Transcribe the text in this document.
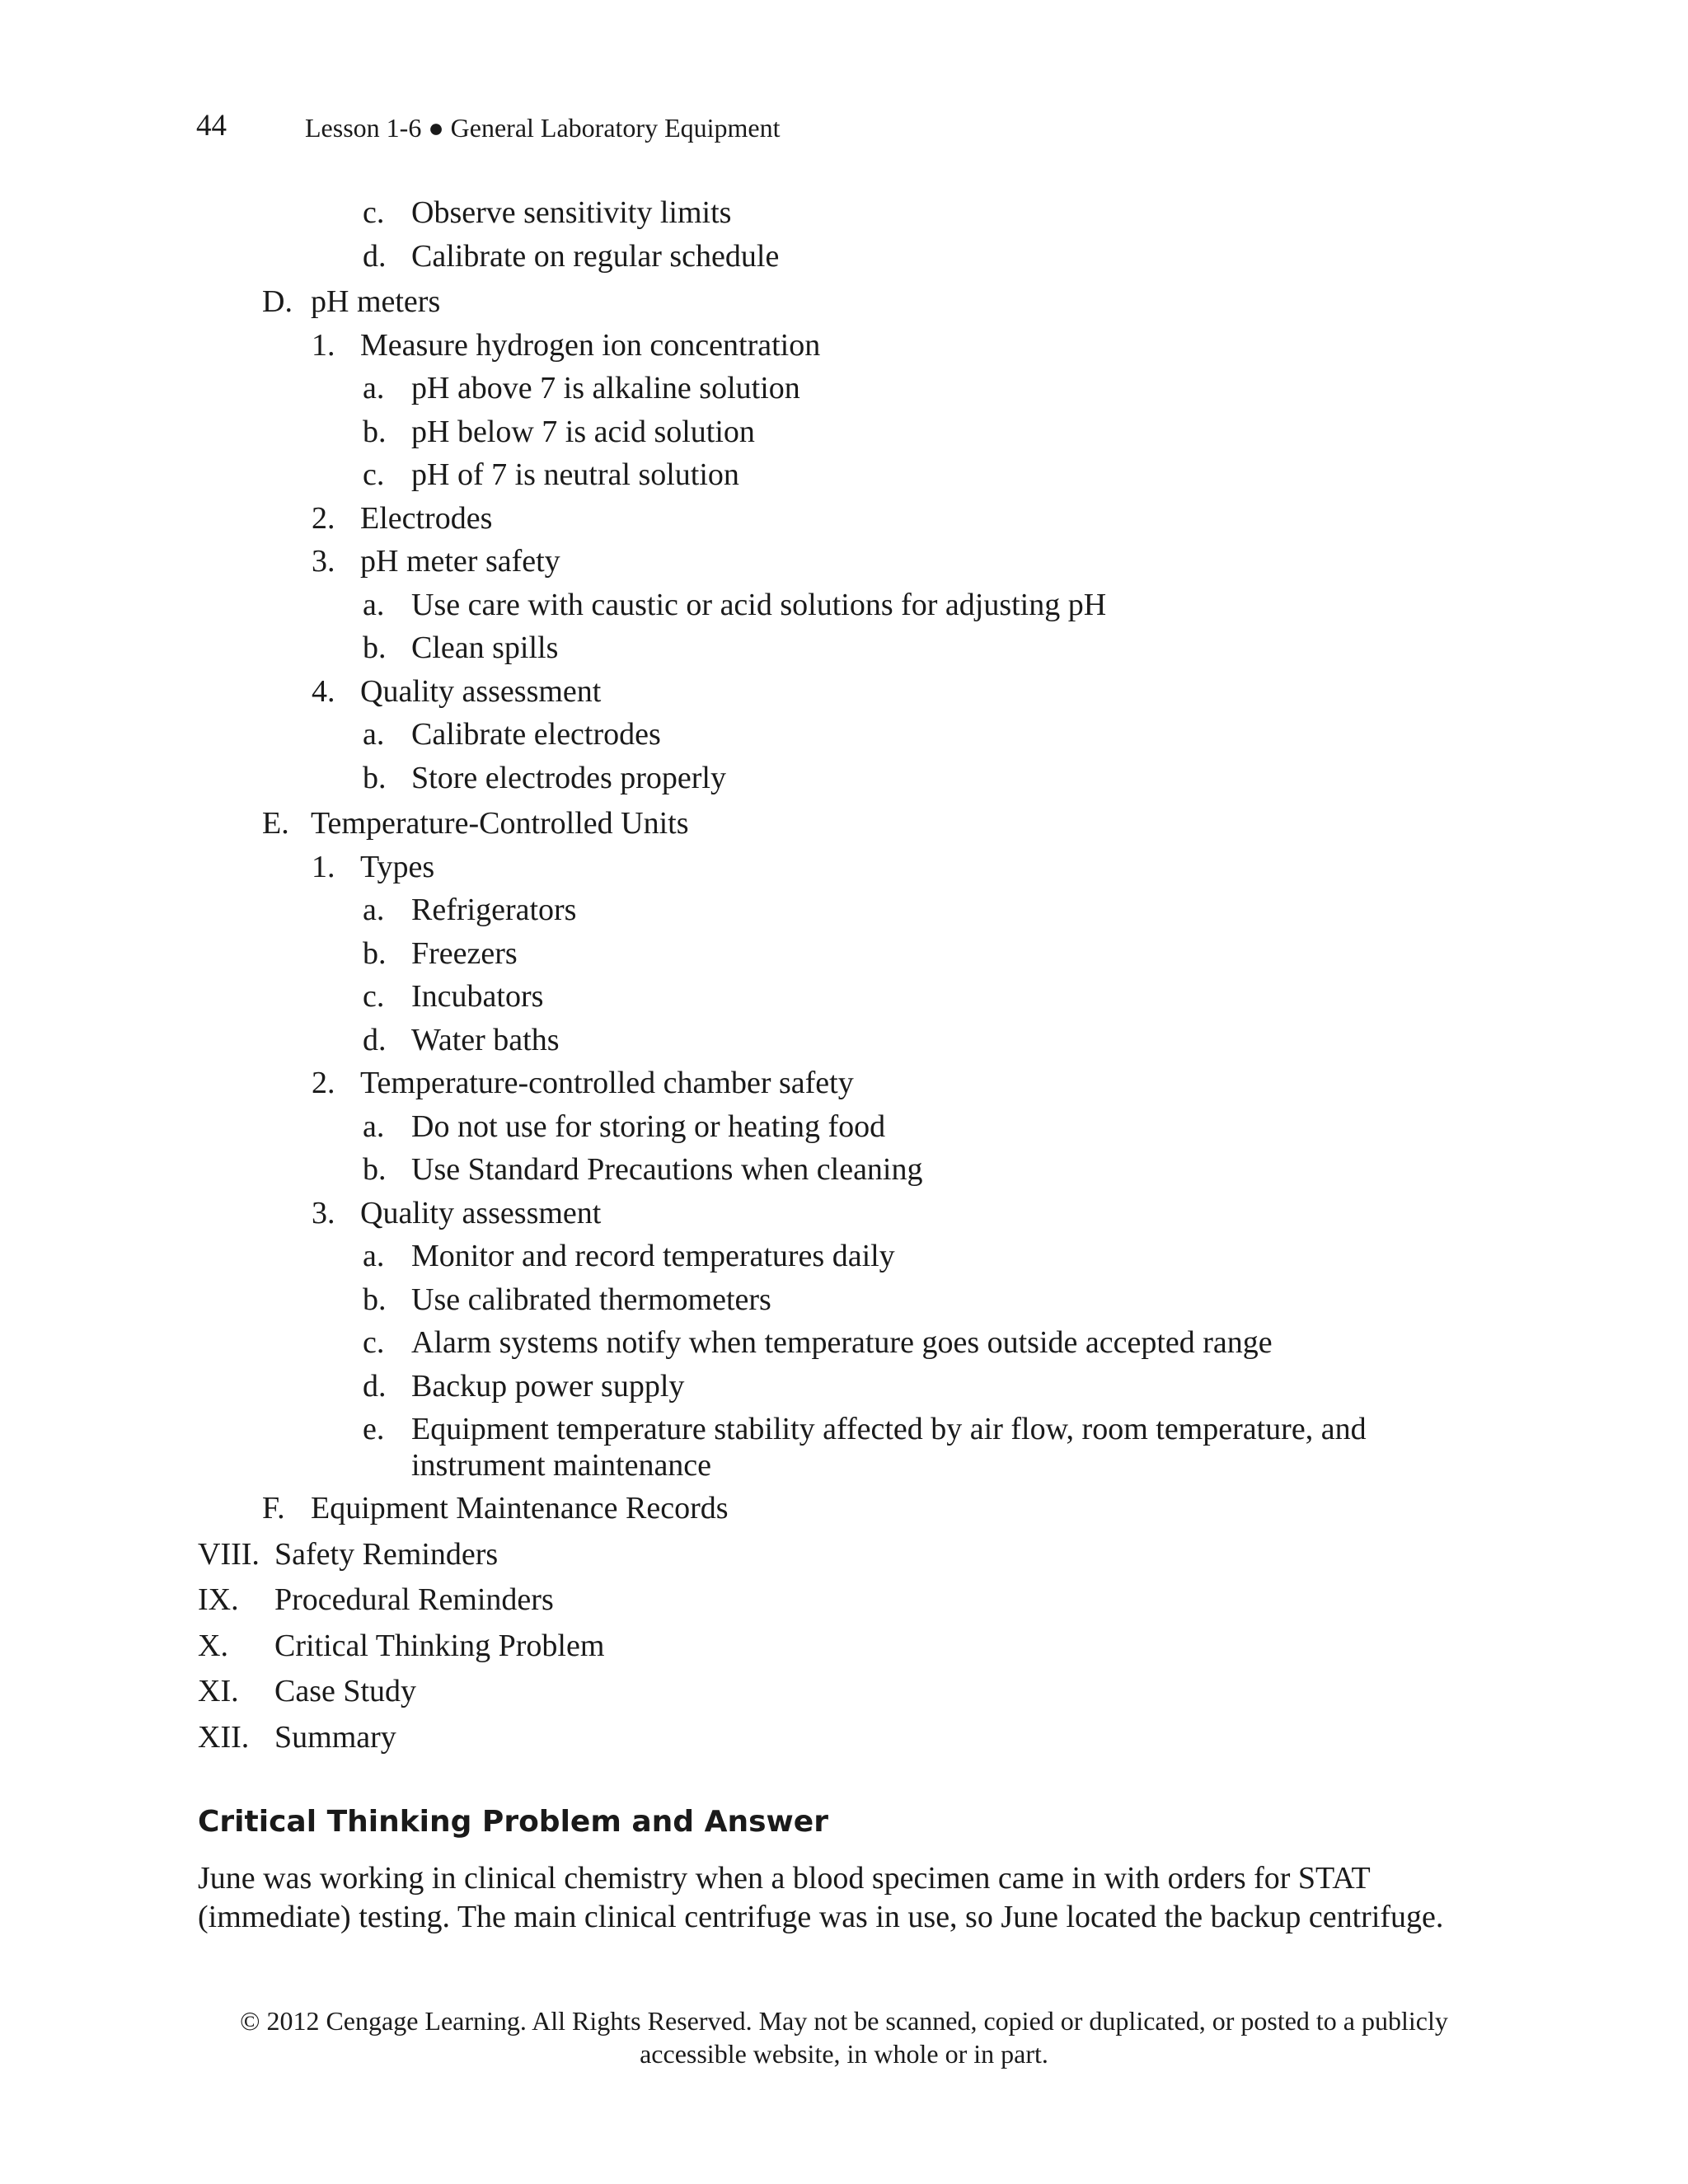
44	Lesson 1-6 ● General Laboratory Equipment
c. Observe sensitivity limits
d. Calibrate on regular schedule
D. pH meters
1. Measure hydrogen ion concentration
a. pH above 7 is alkaline solution
b. pH below 7 is acid solution
c. pH of 7 is neutral solution
2. Electrodes
3. pH meter safety
a. Use care with caustic or acid solutions for adjusting pH
b. Clean spills
4. Quality assessment
a. Calibrate electrodes
b. Store electrodes properly
E. Temperature-Controlled Units
1. Types
a. Refrigerators
b. Freezers
c. Incubators
d. Water baths
2. Temperature-controlled chamber safety
a. Do not use for storing or heating food
b. Use Standard Precautions when cleaning
3. Quality assessment
a. Monitor and record temperatures daily
b. Use calibrated thermometers
c. Alarm systems notify when temperature goes outside accepted range
d. Backup power supply
e. Equipment temperature stability affected by air flow, room temperature, and instrument maintenance
F. Equipment Maintenance Records
VIII. Safety Reminders
IX. Procedural Reminders
X. Critical Thinking Problem
XI. Case Study
XII. Summary
Critical Thinking Problem and Answer
June was working in clinical chemistry when a blood specimen came in with orders for STAT (immediate) testing. The main clinical centrifuge was in use, so June located the backup centrifuge.
© 2012 Cengage Learning. All Rights Reserved. May not be scanned, copied or duplicated, or posted to a publicly
accessible website, in whole or in part.
